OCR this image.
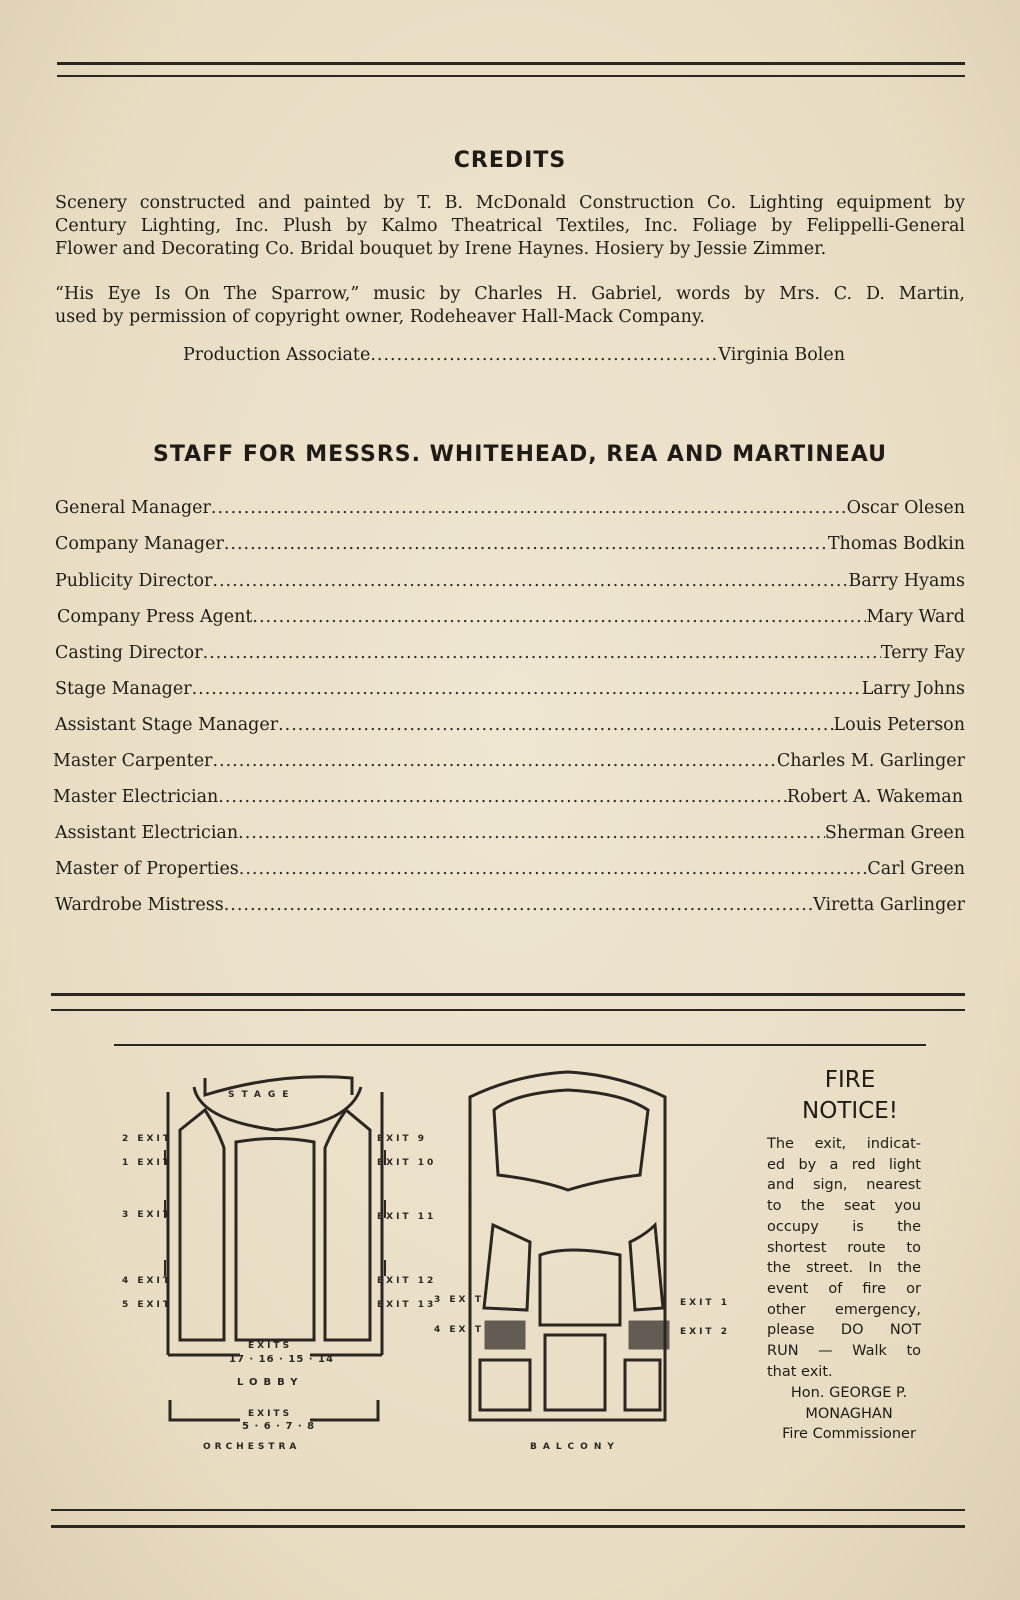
CREDITS
Scenery constructed and painted by T. B. McDonald Construction Co. Lighting equipment by
Century Lighting, Inc. Plush by Kalmo Theatrical Textiles, Inc. Foliage by Felippelli-General
Flower and Decorating Co. Bridal bouquet by Irene Haynes. Hosiery by Jessie Zimmer.
“His Eye Is On The Sparrow,” music by Charles H. Gabriel, words by Mrs. C. D. Martin,
used by permission of copyright owner, Rodeheaver Hall-Mack Company.
Production Associate .....	Virginia Bolen
STAFF FOR MESSRS. WHITEHEAD, REA AND MARTINEAU
General Manager .....	Oscar Olesen
Company Manager .....	Thomas Bodkin
Publicity Director .....	Barry Hyams
Company Press Agent .....	Mary Ward
Casting Director .....	Terry Fay
Stage Manager .....	Larry Johns
Assistant Stage Manager .....	Louis Peterson
Master Carpenter .....	Charles M. Garlinger
Master Electrician .....	Robert A. Wakeman
Assistant Electrician .....	Sherman Green
Master of Properties .....	Carl Green
Wardrobe Mistress .....	Viretta Garlinger
STAGE
2 EXIT
1 EXIT
3 EXIT
4 EXIT
5 EXIT
EXIT 9
EXIT 10
EXIT 11
EXIT 12
EXIT 13
EXITS
17 · 16 · 15 · 14
LOBBY
EXITS
5 · 6 · 7 · 8
ORCHESTRA
3 EXIT
4 EXIT
EXIT 1
EXIT 2
BALCONY
FIRE
NOTICE!
The exit, indicat-
ed by a red light
and sign, nearest
to the seat you
occupy is the
shortest route to
the street. In the
event of fire or
other emergency,
please DO NOT
RUN — Walk to
that exit.
Hon. GEORGE P.
MONAGHAN
Fire Commissioner
